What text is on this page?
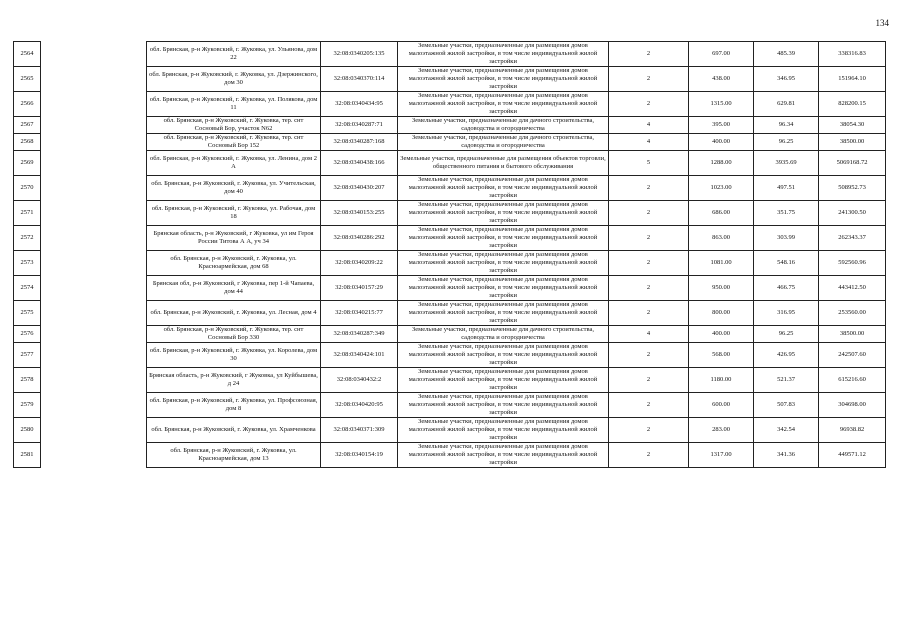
134
2564		обл. Брянская, р-н Жуковский, г. Жуковка, ул. Ульянова, дом 22	32:08:0340205:135	Земельные участки, предназначенные для размещения домов малоэтажной жилой застройки, в том числе индивидуальной жилой застройки	2	697.00	485.39	338316.83
2565		обл. Брянская, р-н Жуковский, г. Жуковка, ул. Дзержинского, дом 30	32:08:0340370:114	Земельные участки, предназначенные для размещения домов малоэтажной жилой застройки, в том числе индивидуальной жилой застройки	2	438.00	346.95	151964.10
2566		обл. Брянская, р-н Жуковский, г. Жуковка, ул. Полякова, дом 11	32:08:0340434:95	Земельные участки, предназначенные для размещения домов малоэтажной жилой застройки, в том числе индивидуальной жилой застройки	2	1315.00	629.81	828200.15
2567		обл. Брянская, р-н Жуковский, г. Жуковка, тер. снт Сосновый Бор, участок N62	32:08:0340287:71	Земельные участки, предназначенные для дачного строительства, садоводства и огородничества	4	395.00	96.34	38054.30
2568		обл. Брянская, р-н Жуковский, г. Жуковка, тер. снт Сосновый Бор 152	32:08:0340287:168	Земельные участки, предназначенные для дачного строительства, садоводства и огородничества	4	400.00	96.25	38500.00
2569		обл. Брянская, р-н Жуковский, г. Жуковка, ул. Ленина, дом 2 А	32:08:0340438:166	Земельные участки, предназначенные для размещения объектов торговли, общественного питания и бытового обслуживания	5	1288.00	3935.69	5069168.72
2570		обл. Брянская, р-н Жуковский, г. Жуковка, ул. Учительская, дом 40	32:08:0340430:207	Земельные участки, предназначенные для размещения домов малоэтажной жилой застройки, в том числе индивидуальной жилой застройки	2	1023.00	497.51	508952.73
2571		обл. Брянская, р-н Жуковский, г. Жуковка, ул. Рабочая, дом 18	32:08:0340153:255	Земельные участки, предназначенные для размещения домов малоэтажной жилой застройки, в том числе индивидуальной жилой застройки	2	686.00	351.75	241300.50
2572		Брянская область, р-н Жуковский, г Жуковка, ул им Героя России Титова А А, уч 34	32:08:0340286:292	Земельные участки, предназначенные для размещения домов малоэтажной жилой застройки, в том числе индивидуальной жилой застройки	2	863.00	303.99	262343.37
2573		обл. Брянская, р-н Жуковский, г. Жуковка, ул. Красноармейская, дом 68	32:08:0340209:22	Земельные участки, предназначенные для размещения домов малоэтажной жилой застройки, в том числе индивидуальной жилой застройки	2	1081.00	548.16	592560.96
2574		Брянская обл, р-н Жуковский, г Жуковка, пер 1-й Чапаева, дом 44	32:08:0340157:29	Земельные участки, предназначенные для размещения домов малоэтажной жилой застройки, в том числе индивидуальной жилой застройки	2	950.00	466.75	443412.50
2575		обл. Брянская, р-н Жуковский, г. Жуковка, ул. Лесная, дом 4	32:08:0340215:77	Земельные участки, предназначенные для размещения домов малоэтажной жилой застройки, в том числе индивидуальной жилой застройки	2	800.00	316.95	253560.00
2576		обл. Брянская, р-н Жуковский, г. Жуковка, тер. снт Сосновый Бор 330	32:08:0340287:349	Земельные участки, предназначенные для дачного строительства, садоводства и огородничества	4	400.00	96.25	38500.00
2577		обл. Брянская, р-н Жуковский, г. Жуковка, ул. Королева, дом 30	32:08:0340424:101	Земельные участки, предназначенные для размещения домов малоэтажной жилой застройки, в том числе индивидуальной жилой застройки	2	568.00	426.95	242507.60
2578		Брянская область, р-н Жуковский, г Жуковка, ул Куйбышева, д 24	32:08:0340432:2	Земельные участки, предназначенные для размещения домов малоэтажной жилой застройки, в том числе индивидуальной жилой застройки	2	1180.00	521.37	615216.60
2579		обл. Брянская, р-н Жуковский, г. Жуковка, ул. Профсоюзная, дом 8	32:08:0340420:95	Земельные участки, предназначенные для размещения домов малоэтажной жилой застройки, в том числе индивидуальной жилой застройки	2	600.00	507.83	304698.00
2580		обл. Брянская, р-н Жуковский, г. Жуковка, ул. Храмченкова	32:08:0340371:309	Земельные участки, предназначенные для размещения домов малоэтажной жилой застройки, в том числе индивидуальной жилой застройки	2	283.00	342.54	96938.82
2581		обл. Брянская, р-н Жуковский, г. Жуковка, ул. Красноармейская, дом 13	32:08:0340154:19	Земельные участки, предназначенные для размещения домов малоэтажной жилой застройки, в том числе индивидуальной жилой застройки	2	1317.00	341.36	449571.12
